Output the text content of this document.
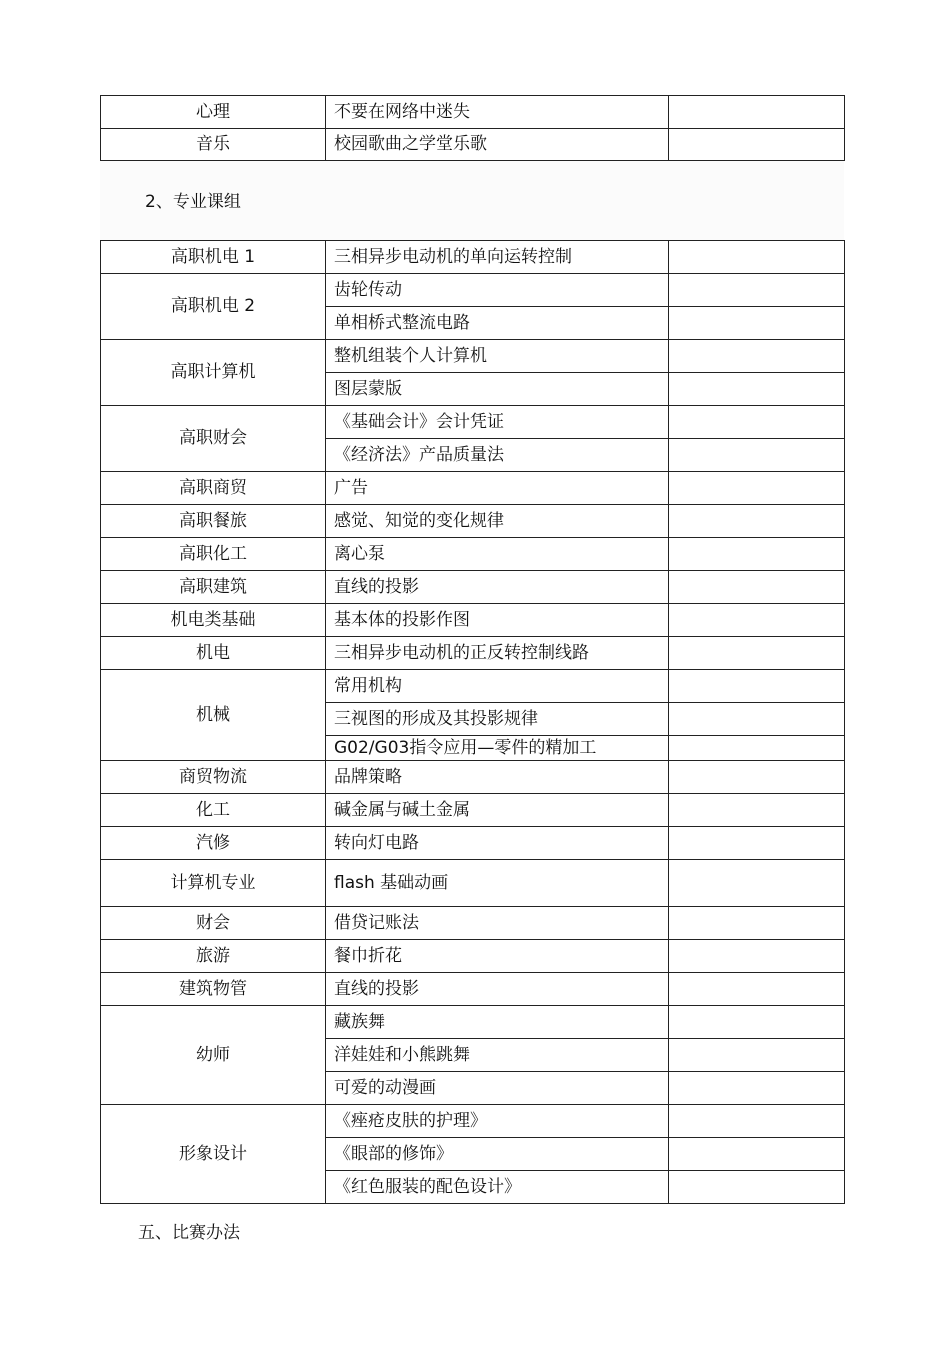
心理	不要在网络中迷失	
音乐	校园歌曲之学堂乐歌	
2、专业课组
高职机电 1	三相异步电动机的单向运转控制	
高职机电 2	齿轮传动	
	单相桥式整流电路	
高职计算机	整机组装个人计算机	
	图层蒙版	
高职财会	《基础会计》会计凭证	
	《经济法》产品质量法	
高职商贸	广告	
高职餐旅	感觉、知觉的变化规律	
高职化工	离心泵	
高职建筑	直线的投影	
机电类基础	基本体的投影作图	
机电	三相异步电动机的正反转控制线路	
机械	常用机构	
	三视图的形成及其投影规律	
	G02/G03指令应用—零件的精加工	
商贸物流	品牌策略	
化工	碱金属与碱土金属	
汽修	转向灯电路	
计算机专业	flash 基础动画	
财会	借贷记账法	
旅游	餐巾折花	
建筑物管	直线的投影	
幼师	藏族舞	
	洋娃娃和小熊跳舞	
	可爱的动漫画	
形象设计	《痤疮皮肤的护理》	
	《眼部的修饰》	
	《红色服装的配色设计》	
五、比赛办法
